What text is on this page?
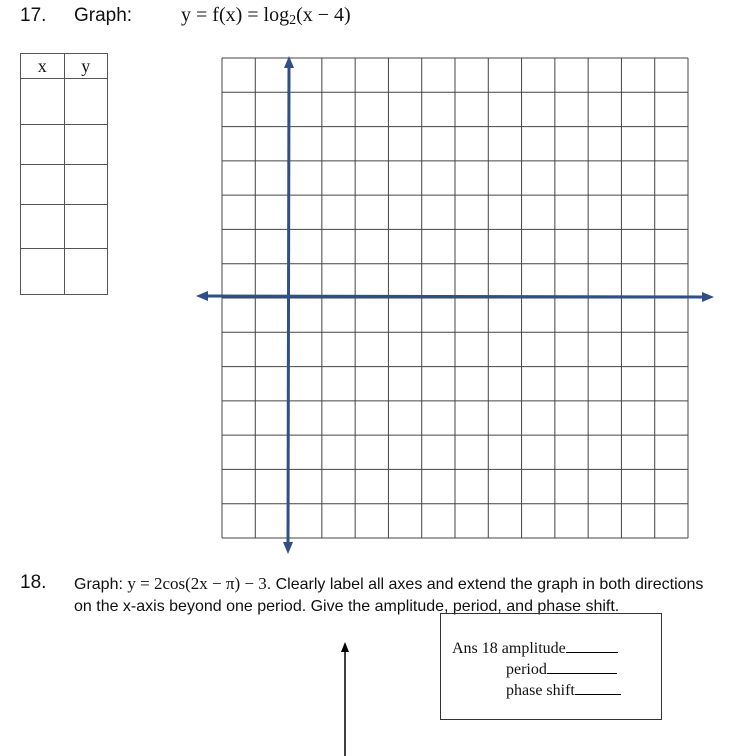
17. Graph: $y = f(x) = \log_2(x - 4)$
x	y

18. Graph: y = 2cos(2x − π) − 3. Clearly label all axes and extend the graph in both directions on the x-axis beyond one period. Give the amplitude, period, and phase shift.
Ans 18 amplitude
period
phase shift
